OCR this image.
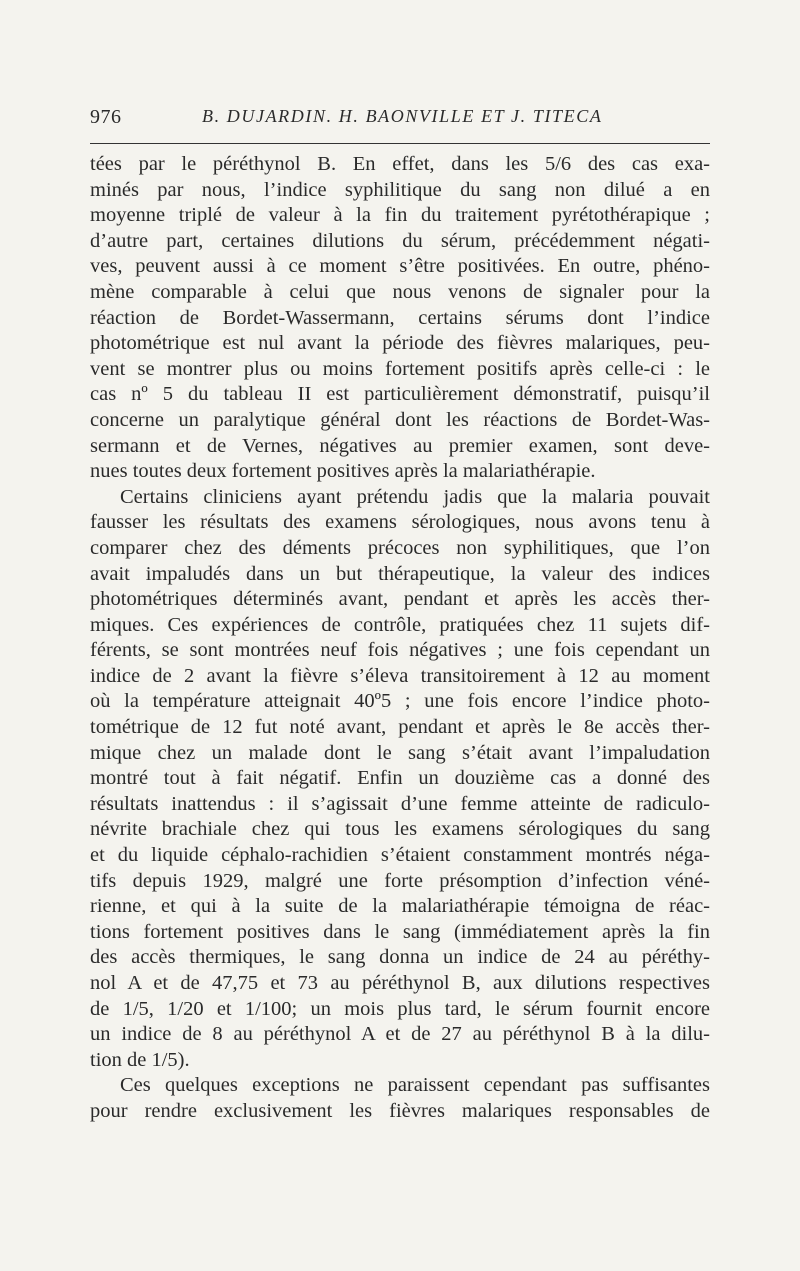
976	B. DUJARDIN. H. BAONVILLE ET J. TITECA

tées par le péréthynol B. En effet, dans les 5/6 des cas exa-
minés par nous, l’indice syphilitique du sang non dilué a en
moyenne triplé de valeur à la fin du traitement pyrétothérapique ;
d’autre part, certaines dilutions du sérum, précédemment négati-
ves, peuvent aussi à ce moment s’être positivées. En outre, phéno-
mène comparable à celui que nous venons de signaler pour la
réaction de Bordet-Wassermann, certains sérums dont l’indice
photométrique est nul avant la période des fièvres malariques, peu-
vent se montrer plus ou moins fortement positifs après celle-ci : le
cas nº 5 du tableau II est particulièrement démonstratif, puisqu’il
concerne un paralytique général dont les réactions de Bordet-Was-
sermann et de Vernes, négatives au premier examen, sont deve-
nues toutes deux fortement positives après la malariathérapie.

Certains cliniciens ayant prétendu jadis que la malaria pouvait
fausser les résultats des examens sérologiques, nous avons tenu à
comparer chez des déments précoces non syphilitiques, que l’on
avait impaludés dans un but thérapeutique, la valeur des indices
photométriques déterminés avant, pendant et après les accès ther-
miques. Ces expériences de contrôle, pratiquées chez 11 sujets dif-
férents, se sont montrées neuf fois négatives ; une fois cependant un
indice de 2 avant la fièvre s’éleva transitoirement à 12 au moment
où la température atteignait 40º5 ; une fois encore l’indice photo-
tométrique de 12 fut noté avant, pendant et après le 8e accès ther-
mique chez un malade dont le sang s’était avant l’impaludation
montré tout à fait négatif. Enfin un douzième cas a donné des
résultats inattendus : il s’agissait d’une femme atteinte de radiculo-
névrite brachiale chez qui tous les examens sérologiques du sang
et du liquide céphalo-rachidien s’étaient constamment montrés néga-
tifs depuis 1929, malgré une forte présomption d’infection véné-
rienne, et qui à la suite de la malariathérapie témoigna de réac-
tions fortement positives dans le sang (immédiatement après la fin
des accès thermiques, le sang donna un indice de 24 au péréthy-
nol A et de 47,75 et 73 au péréthynol B, aux dilutions respectives
de 1/5, 1/20 et 1/100; un mois plus tard, le sérum fournit encore
un indice de 8 au péréthynol A et de 27 au péréthynol B à la dilu-
tion de 1/5).

Ces quelques exceptions ne paraissent cependant pas suffisantes
pour rendre exclusivement les fièvres malariques responsables de
